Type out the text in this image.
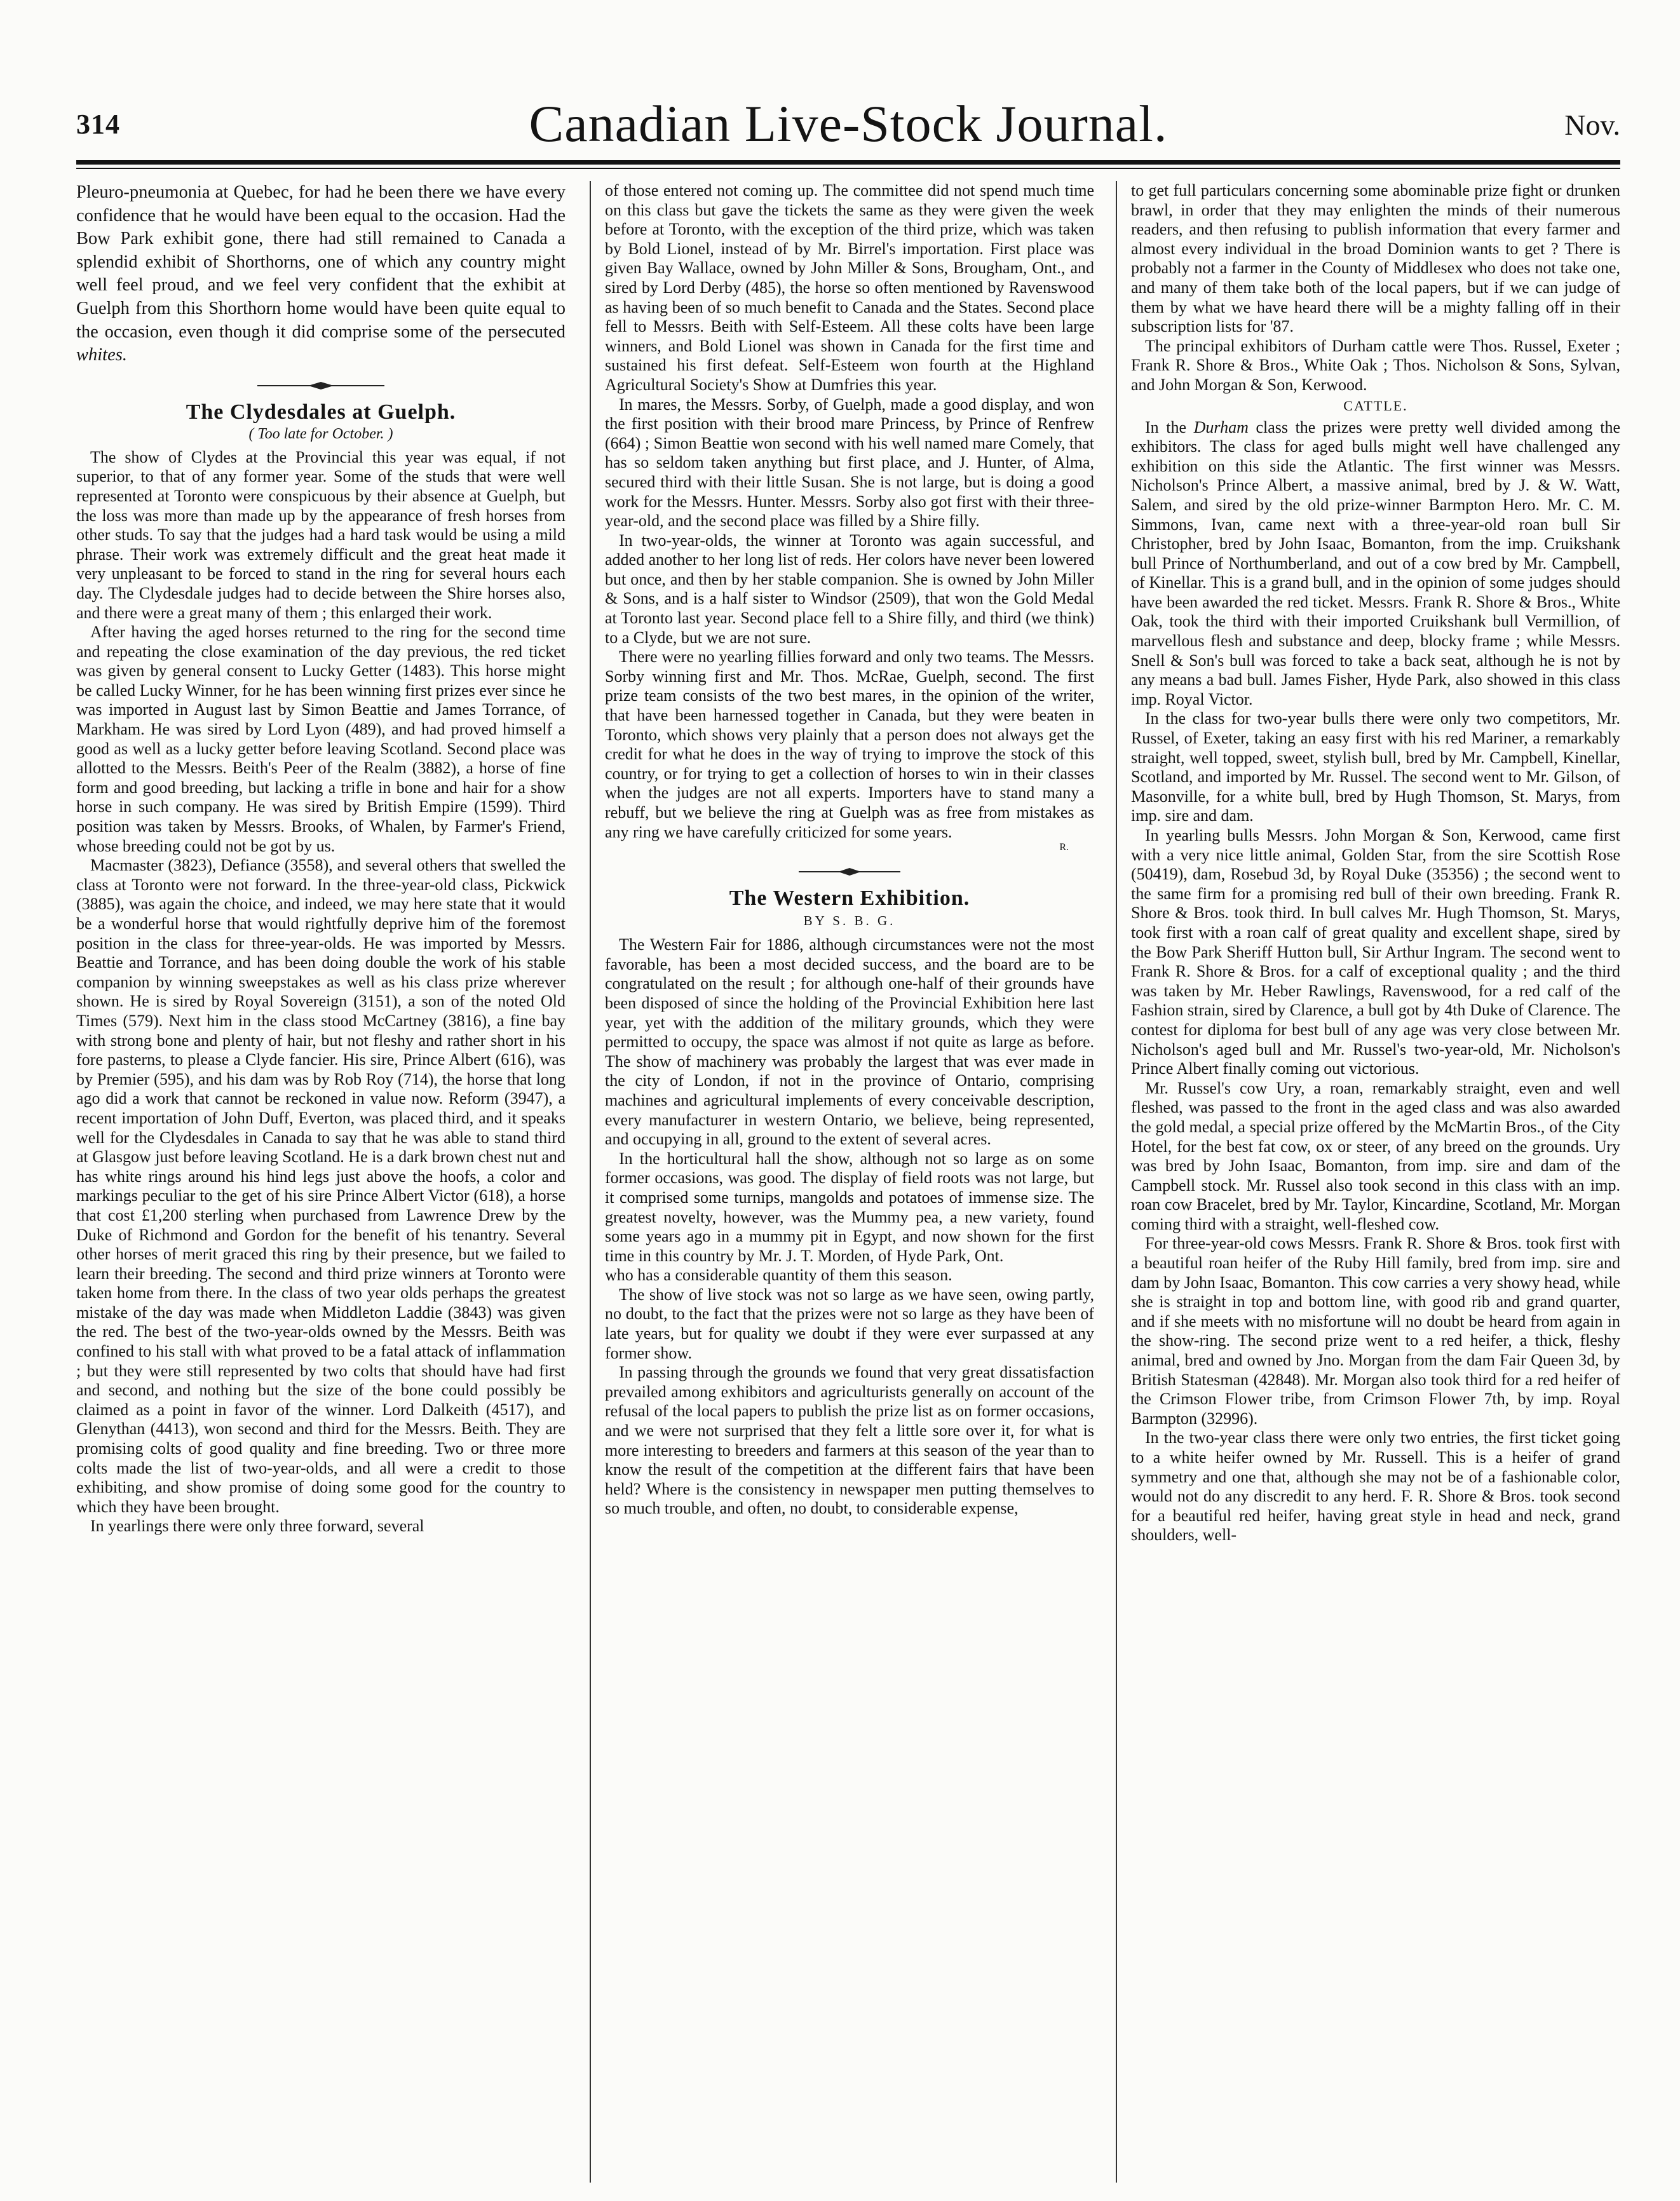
314	Canadian Live-Stock Journal.	Nov.

Pleuro-pneumonia at Quebec, for had he been there we have every confidence that he would have been equal to the occasion. Had the Bow Park exhibit gone, there had still remained to Canada a splendid exhibit of Shorthorns, one of which any country might well feel proud, and we feel very confident that the exhibit at Guelph from this Shorthorn home would have been quite equal to the occasion, even though it did comprise some of the persecuted whites.

The Clydesdales at Guelph.
( Too late for October. )

The show of Clydes at the Provincial this year was equal, if not superior, to that of any former year. Some of the studs that were well represented at Toronto were conspicuous by their absence at Guelph, but the loss was more than made up by the appearance of fresh horses from other studs. To say that the judges had a hard task would be using a mild phrase. Their work was extremely difficult and the great heat made it very unpleasant to be forced to stand in the ring for several hours each day. The Clydesdale judges had to decide between the Shire horses also, and there were a great many of them ; this enlarged their work.

After having the aged horses returned to the ring for the second time and repeating the close examination of the day previous, the red ticket was given by general consent to Lucky Getter (1483). This horse might be called Lucky Winner, for he has been winning first prizes ever since he was imported in August last by Simon Beattie and James Torrance, of Markham. He was sired by Lord Lyon (489), and had proved himself a good as well as a lucky getter before leaving Scotland. Second place was allotted to the Messrs. Beith's Peer of the Realm (3882), a horse of fine form and good breeding, but lacking a trifle in bone and hair for a show horse in such company. He was sired by British Empire (1599). Third position was taken by Messrs. Brooks, of Whalen, by Farmer's Friend, whose breeding could not be got by us.

Macmaster (3823), Defiance (3558), and several others that swelled the class at Toronto were not forward. In the three-year-old class, Pickwick (3885), was again the choice, and indeed, we may here state that it would be a wonderful horse that would rightfully deprive him of the foremost position in the class for three-year-olds. He was imported by Messrs. Beattie and Torrance, and has been doing double the work of his stable companion by winning sweepstakes as well as his class prize wherever shown. He is sired by Royal Sovereign (3151), a son of the noted Old Times (579). Next him in the class stood McCartney (3816), a fine bay with strong bone and plenty of hair, but not fleshy and rather short in his fore pasterns, to please a Clyde fancier. His sire, Prince Albert (616), was by Premier (595), and his dam was by Rob Roy (714), the horse that long ago did a work that cannot be reckoned in value now. Reform (3947), a recent importation of John Duff, Everton, was placed third, and it speaks well for the Clydesdales in Canada to say that he was able to stand third at Glasgow just before leaving Scotland. He is a dark brown chest nut and has white rings around his hind legs just above the hoofs, a color and markings peculiar to the get of his sire Prince Albert Victor (618), a horse that cost £1,200 sterling when purchased from Lawrence Drew by the Duke of Richmond and Gordon for the benefit of his tenantry. Several other horses of merit graced this ring by their presence, but we failed to learn their breeding. The second and third prize winners at Toronto were taken home from there. In the class of two year olds perhaps the greatest mistake of the day was made when Middleton Laddie (3843) was given the red. The best of the two-year-olds owned by the Messrs. Beith was confined to his stall with what proved to be a fatal attack of inflammation ; but they were still represented by two colts that should have had first and second, and nothing but the size of the bone could possibly be claimed as a point in favor of the winner. Lord Dalkeith (4517), and Glenythan (4413), won second and third for the Messrs. Beith. They are promising colts of good quality and fine breeding. Two or three more colts made the list of two-year-olds, and all were a credit to those exhibiting, and show promise of doing some good for the country to which they have been brought.

In yearlings there were only three forward, several

of those entered not coming up. The committee did not spend much time on this class but gave the tickets the same as they were given the week before at Toronto, with the exception of the third prize, which was taken by Bold Lionel, instead of by Mr. Birrel's importation. First place was given Bay Wallace, owned by John Miller & Sons, Brougham, Ont., and sired by Lord Derby (485), the horse so often mentioned by Ravenswood as having been of so much benefit to Canada and the States. Second place fell to Messrs. Beith with Self-Esteem. All these colts have been large winners, and Bold Lionel was shown in Canada for the first time and sustained his first defeat. Self-Esteem won fourth at the Highland Agricultural Society's Show at Dumfries this year.

In mares, the Messrs. Sorby, of Guelph, made a good display, and won the first position with their brood mare Princess, by Prince of Renfrew (664) ; Simon Beattie won second with his well named mare Comely, that has so seldom taken anything but first place, and J. Hunter, of Alma, secured third with their little Susan. She is not large, but is doing a good work for the Messrs. Hunter. Messrs. Sorby also got first with their three-year-old, and the second place was filled by a Shire filly.

In two-year-olds, the winner at Toronto was again successful, and added another to her long list of reds. Her colors have never been lowered but once, and then by her stable companion. She is owned by John Miller & Sons, and is a half sister to Windsor (2509), that won the Gold Medal at Toronto last year. Second place fell to a Shire filly, and third (we think) to a Clyde, but we are not sure.

There were no yearling fillies forward and only two teams. The Messrs. Sorby winning first and Mr. Thos. McRae, Guelph, second. The first prize team consists of the two best mares, in the opinion of the writer, that have been harnessed together in Canada, but they were beaten in Toronto, which shows very plainly that a person does not always get the credit for what he does in the way of trying to improve the stock of this country, or for trying to get a collection of horses to win in their classes when the judges are not all experts. Importers have to stand many a rebuff, but we believe the ring at Guelph was as free from mistakes as any ring we have carefully criticized for some years.

R.
The Western Exhibition.
BY S. B. G.

The Western Fair for 1886, although circumstances were not the most favorable, has been a most decided success, and the board are to be congratulated on the result ; for although one-half of their grounds have been disposed of since the holding of the Provincial Exhibition here last year, yet with the addition of the military grounds, which they were permitted to occupy, the space was almost if not quite as large as before. The show of machinery was probably the largest that was ever made in the city of London, if not in the province of Ontario, comprising machines and agricultural implements of every conceivable description, every manufacturer in western Ontario, we believe, being represented, and occupying in all, ground to the extent of several acres.

In the horticultural hall the show, although not so large as on some former occasions, was good. The display of field roots was not large, but it comprised some turnips, mangolds and potatoes of immense size. The greatest novelty, however, was the Mummy pea, a new variety, found some years ago in a mummy pit in Egypt, and now shown for the first time in this country by Mr. J. T. Morden, of Hyde Park, Ont.

who has a considerable quantity of them this season.

The show of live stock was not so large as we have seen, owing partly, no doubt, to the fact that the prizes were not so large as they have been of late years, but for quality we doubt if they were ever surpassed at any former show.

In passing through the grounds we found that very great dissatisfaction prevailed among exhibitors and agriculturists generally on account of the refusal of the local papers to publish the prize list as on former occasions, and we were not surprised that they felt a little sore over it, for what is more interesting to breeders and farmers at this season of the year than to know the result of the competition at the different fairs that have been held? Where is the consistency in newspaper men putting themselves to so much trouble, and often, no doubt, to considerable expense,

to get full particulars concerning some abominable prize fight or drunken brawl, in order that they may enlighten the minds of their numerous readers, and then refusing to publish information that every farmer and almost every individual in the broad Dominion wants to get ? There is probably not a farmer in the County of Middlesex who does not take one, and many of them take both of the local papers, but if we can judge of them by what we have heard there will be a mighty falling off in their subscription lists for '87.

The principal exhibitors of Durham cattle were Thos. Russel, Exeter ; Frank R. Shore & Bros., White Oak ; Thos. Nicholson & Sons, Sylvan, and John Morgan & Son, Kerwood.

CATTLE.

In the Durham class the prizes were pretty well divided among the exhibitors. The class for aged bulls might well have challenged any exhibition on this side the Atlantic. The first winner was Messrs. Nicholson's Prince Albert, a massive animal, bred by J. & W. Watt, Salem, and sired by the old prize-winner Barmpton Hero. Mr. C. M. Simmons, Ivan, came next with a three-year-old roan bull Sir Christopher, bred by John Isaac, Bomanton, from the imp. Cruikshank bull Prince of Northumberland, and out of a cow bred by Mr. Campbell, of Kinellar. This is a grand bull, and in the opinion of some judges should have been awarded the red ticket. Messrs. Frank R. Shore & Bros., White Oak, took the third with their imported Cruikshank bull Vermillion, of marvellous flesh and substance and deep, blocky frame ; while Messrs. Snell & Son's bull was forced to take a back seat, although he is not by any means a bad bull. James Fisher, Hyde Park, also showed in this class imp. Royal Victor.

In the class for two-year bulls there were only two competitors, Mr. Russel, of Exeter, taking an easy first with his red Mariner, a remarkably straight, well topped, sweet, stylish bull, bred by Mr. Campbell, Kinellar, Scotland, and imported by Mr. Russel. The second went to Mr. Gilson, of Masonville, for a white bull, bred by Hugh Thomson, St. Marys, from imp. sire and dam.

In yearling bulls Messrs. John Morgan & Son, Kerwood, came first with a very nice little animal, Golden Star, from the sire Scottish Rose (50419), dam, Rosebud 3d, by Royal Duke (35356) ; the second went to the same firm for a promising red bull of their own breeding. Frank R. Shore & Bros. took third. In bull calves Mr. Hugh Thomson, St. Marys, took first with a roan calf of great quality and excellent shape, sired by the Bow Park Sheriff Hutton bull, Sir Arthur Ingram. The second went to Frank R. Shore & Bros. for a calf of exceptional quality ; and the third was taken by Mr. Heber Rawlings, Ravenswood, for a red calf of the Fashion strain, sired by Clarence, a bull got by 4th Duke of Clarence. The contest for diploma for best bull of any age was very close between Mr. Nicholson's aged bull and Mr. Russel's two-year-old, Mr. Nicholson's Prince Albert finally coming out victorious.

Mr. Russel's cow Ury, a roan, remarkably straight, even and well fleshed, was passed to the front in the aged class and was also awarded the gold medal, a special prize offered by the McMartin Bros., of the City Hotel, for the best fat cow, ox or steer, of any breed on the grounds. Ury was bred by John Isaac, Bomanton, from imp. sire and dam of the Campbell stock. Mr. Russel also took second in this class with an imp. roan cow Bracelet, bred by Mr. Taylor, Kincardine, Scotland, Mr. Morgan coming third with a straight, well-fleshed cow.

For three-year-old cows Messrs. Frank R. Shore & Bros. took first with a beautiful roan heifer of the Ruby Hill family, bred from imp. sire and dam by John Isaac, Bomanton. This cow carries a very showy head, while she is straight in top and bottom line, with good rib and grand quarter, and if she meets with no misfortune will no doubt be heard from again in the show-ring. The second prize went to a red heifer, a thick, fleshy animal, bred and owned by Jno. Morgan from the dam Fair Queen 3d, by British Statesman (42848). Mr. Morgan also took third for a red heifer of the Crimson Flower tribe, from Crimson Flower 7th, by imp. Royal Barmpton (32996).

In the two-year class there were only two entries, the first ticket going to a white heifer owned by Mr. Russell. This is a heifer of grand symmetry and one that, although she may not be of a fashionable color, would not do any discredit to any herd. F. R. Shore & Bros. took second for a beautiful red heifer, having great style in head and neck, grand shoulders, well-
